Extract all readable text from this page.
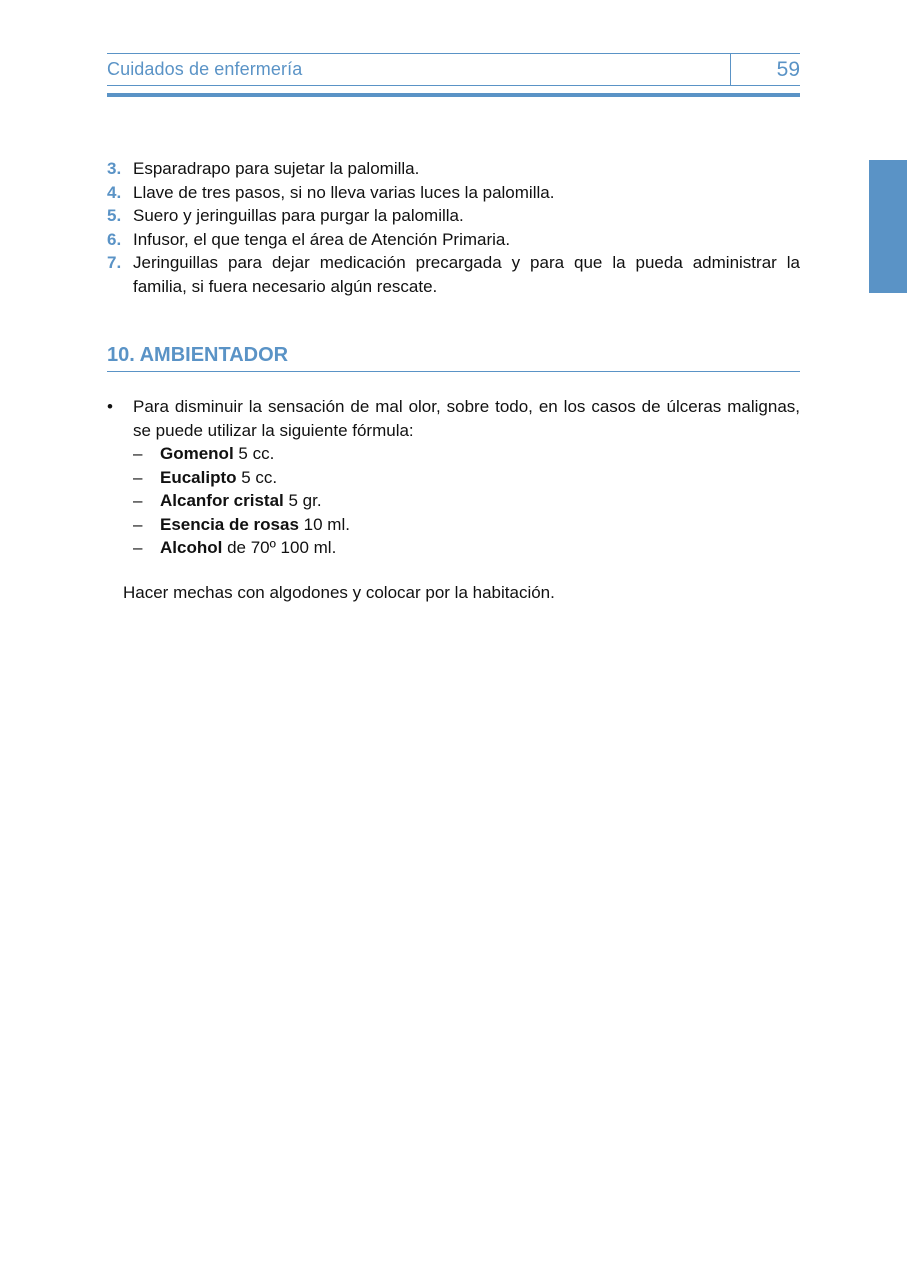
Cuidados de enfermería	59
3. Esparadrapo para sujetar la palomilla.
4. Llave de tres pasos, si no lleva varias luces la palomilla.
5. Suero y jeringuillas para purgar la palomilla.
6. Infusor, el que tenga el área de Atención Primaria.
7. Jeringuillas para dejar medicación precargada y para que la pueda administrar la familia, si fuera necesario algún rescate.
10. AMBIENTADOR
• Para disminuir la sensación de mal olor, sobre todo, en los casos de úlceras malignas, se puede utilizar la siguiente fórmula:
– Gomenol 5 cc.
– Eucalipto 5 cc.
– Alcanfor cristal 5 gr.
– Esencia de rosas 10 ml.
– Alcohol de 70º 100 ml.
Hacer mechas con algodones y colocar por la habitación.
